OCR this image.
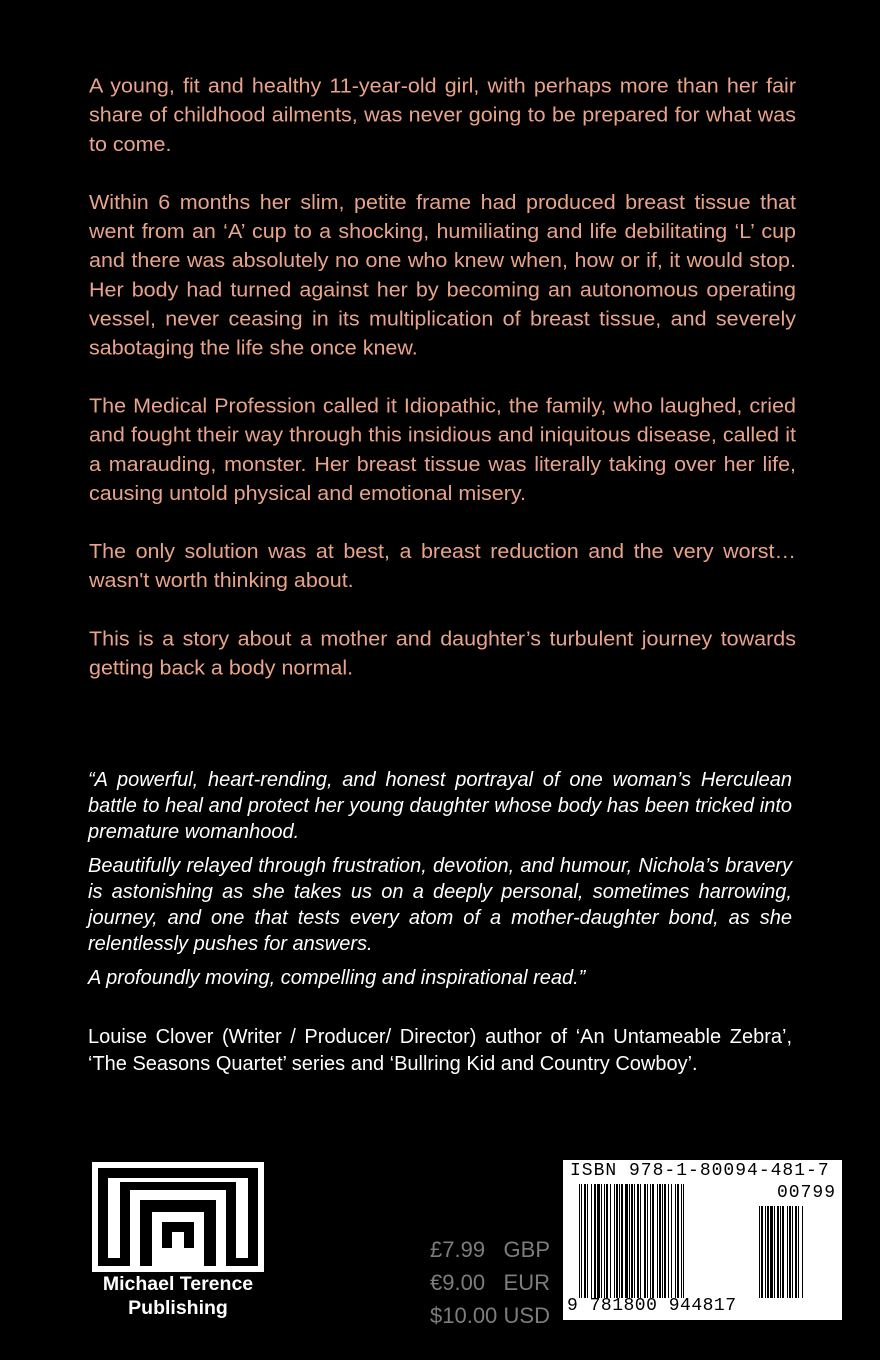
A young, fit and healthy 11-year-old girl, with perhaps more than her fair share of childhood ailments, was never going to be prepared for what was to come.

Within 6 months her slim, petite frame had produced breast tissue that went from an ‘A’ cup to a shocking, humiliating and life debilitating ‘L’ cup and there was absolutely no one who knew when, how or if, it would stop. Her body had turned against her by becoming an autonomous operating vessel, never ceasing in its multiplication of breast tissue, and severely sabotaging the life she once knew.

The Medical Profession called it Idiopathic, the family, who laughed, cried and fought their way through this insidious and iniquitous disease, called it a marauding, monster. Her breast tissue was literally taking over her life, causing untold physical and emotional misery.

The only solution was at best, a breast reduction and the very worst… wasn't worth thinking about.

This is a story about a mother and daughter’s turbulent journey towards getting back a body normal.

“A powerful, heart-rending, and honest portrayal of one woman’s Herculean battle to heal and protect her young daughter whose body has been tricked into premature womanhood.

Beautifully relayed through frustration, devotion, and humour, Nichola’s bravery is astonishing as she takes us on a deeply personal, sometimes harrowing, journey, and one that tests every atom of a mother-daughter bond, as she relentlessly pushes for answers.

A profoundly moving, compelling and inspirational read.”

Louise Clover (Writer / Producer/ Director) author of ‘An Untameable Zebra’, ‘The Seasons Quartet’ series and ‘Bullring Kid and Country Cowboy’.
Michael Terence
Publishing
£7.99 GBP
€9.00 EUR
$10.00 USD
ISBN 978-1-80094-481-7
00799
9 781800 944817
